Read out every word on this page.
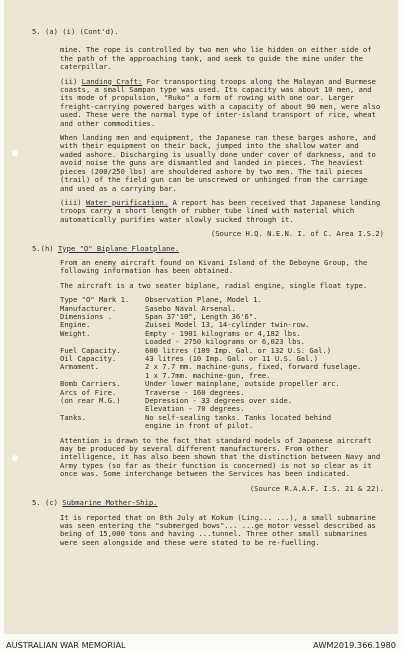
5. (a) (i) (Cont'd).

mine. The rope is controlled by two men who lie hidden on either side of the path of the approaching tank, and seek to guide the mine under the caterpillar.

(ii) Landing Craft: For transporting troops along the Malayan and Burmese coasts, a small Sampan type was used. Its capacity was about 10 men, and its mode of propulsion, "Ruko" a form of rowing with one oar. Larger freight-carrying powered barges with a capacity of about 90 men, were also used. These were the normal type of inter-island transport of rice, wheat and other commodities.

When landing men and equipment, the Japanese ran these barges ashore, and with their equipment on their back, jumped into the shallow water and waded ashore. Discharging is usually done under cover of darkness, and to avoid noise the guns are dismantled and landed in pieces. The heaviest pieces (200/250 lbs) are shouldered ashore by two men. The tail pieces (trail) of the field gun can be unscrewed or unhinged from the carriage and used as a carrying bar.

(iii) Water purification. A report has been received that Japanese landing troops carry a short length of rubber tube lined with material which automatically purifies water slowly sucked through it.

(Source H.Q. N.E.N. I. of C. Area I.S.2)

5.(h) Type "O" Biplane Floatplane.

From an enemy aircraft found on Kivani Island of the Deboyne Group, the following information has been obtained.

The aircraft is a two seater biplane, radial engine, single float type.

Type "O" Mark 1.	Observation Plane, Model 1.
Manufacturer.	Sasebo Naval Arsenal.
Dimensions .	Span 37'10", Length 36'6".
Engine.	Zuisei Model 13, 14-cylinder twin-row.
Weight.	Empty - 1901 kilograms or 4,182 lbs.
Loaded - 2750 kilograms or 6,023 lbs.
Fuel Capacity.	600 litres (109 Imp. Gal. or 132 U.S. Gal.)
Oil Capacity.	43 litres (10 Imp. Gal. or 11 U.S. Gal.)
Armament.	2 x 7.7 mm. machine-guns, fixed, forward fuselage.
1 x 7.7mm. machine-gun, free.
Bomb Carriers.	Under lower mainplane, outside propeller arc.
Arcs of Fire.	Traverse - 160 degrees.
(on rear M.G.)	Depression - 33 degrees over side.
Elevation - 70 degrees.
Tanks.	No self-sealing tanks. Tanks located behind
engine in front of pilot.

Attention is drawn to the fact that standard models of Japanese aircraft may be produced by several different manufacturers. From other intelligence, it has also been shown that the distinction between Navy and Army types (so far as their function is concerned) is not so clear as it once was. Some interchange between the Services has been indicated.

(Source R.A.A.F. I.S. 21 & 22).

5. (c) Submarine Mother-Ship.

It is reported that on 8th July at Kokum (Ling... ...), a small submarine was seen entering the "submerged bows"... ...ge motor vessel described as being of 15,000 tons and having ...tunnel. Three other small submarines were seen alongside and these were stated to be re-fuelling.

AUSTRALIAN WAR MEMORIAL	AWM2019.366.1980
